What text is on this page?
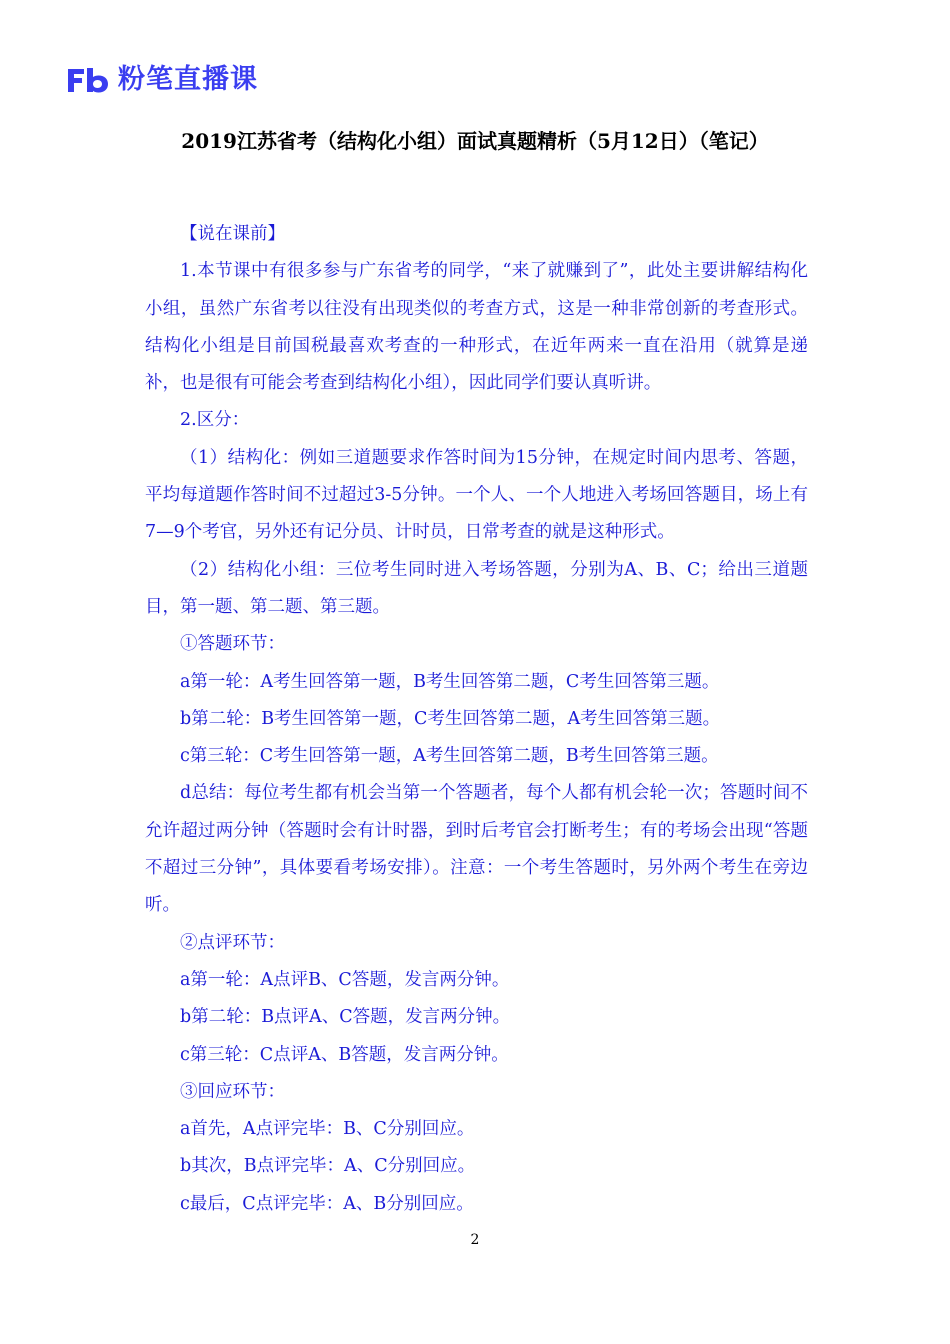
粉笔直播课
2019江苏省考（结构化小组）面试真题精析（5月12日）（笔记）

【说在课前】

1.本节课中有很多参与广东省考的同学，“来了就赚到了”，此处主要讲解结构化小组，虽然广东省考以往没有出现类似的考查方式，这是一种非常创新的考查形式。结构化小组是目前国税最喜欢考查的一种形式，在近年两来一直在沿用（就算是递补，也是很有可能会考查到结构化小组），因此同学们要认真听讲。

2.区分：

（1）结构化：例如三道题要求作答时间为15分钟，在规定时间内思考、答题，平均每道题作答时间不过超过3-5分钟。一个人、一个人地进入考场回答题目，场上有7—9个考官，另外还有记分员、计时员，日常考查的就是这种形式。

（2）结构化小组：三位考生同时进入考场答题，分别为A、B、C；给出三道题目，第一题、第二题、第三题。

①答题环节：

a第一轮：A考生回答第一题，B考生回答第二题，C考生回答第三题。

b第二轮：B考生回答第一题，C考生回答第二题，A考生回答第三题。

c第三轮：C考生回答第一题，A考生回答第二题，B考生回答第三题。

d总结：每位考生都有机会当第一个答题者，每个人都有机会轮一次；答题时间不允许超过两分钟（答题时会有计时器，到时后考官会打断考生；有的考场会出现“答题不超过三分钟”，具体要看考场安排）。注意：一个考生答题时，另外两个考生在旁边听。

②点评环节：

a第一轮：A点评B、C答题，发言两分钟。

b第二轮：B点评A、C答题，发言两分钟。

c第三轮：C点评A、B答题，发言两分钟。

③回应环节：

a首先，A点评完毕：B、C分别回应。

b其次，B点评完毕：A、C分别回应。

c最后，C点评完毕：A、B分别回应。

2
